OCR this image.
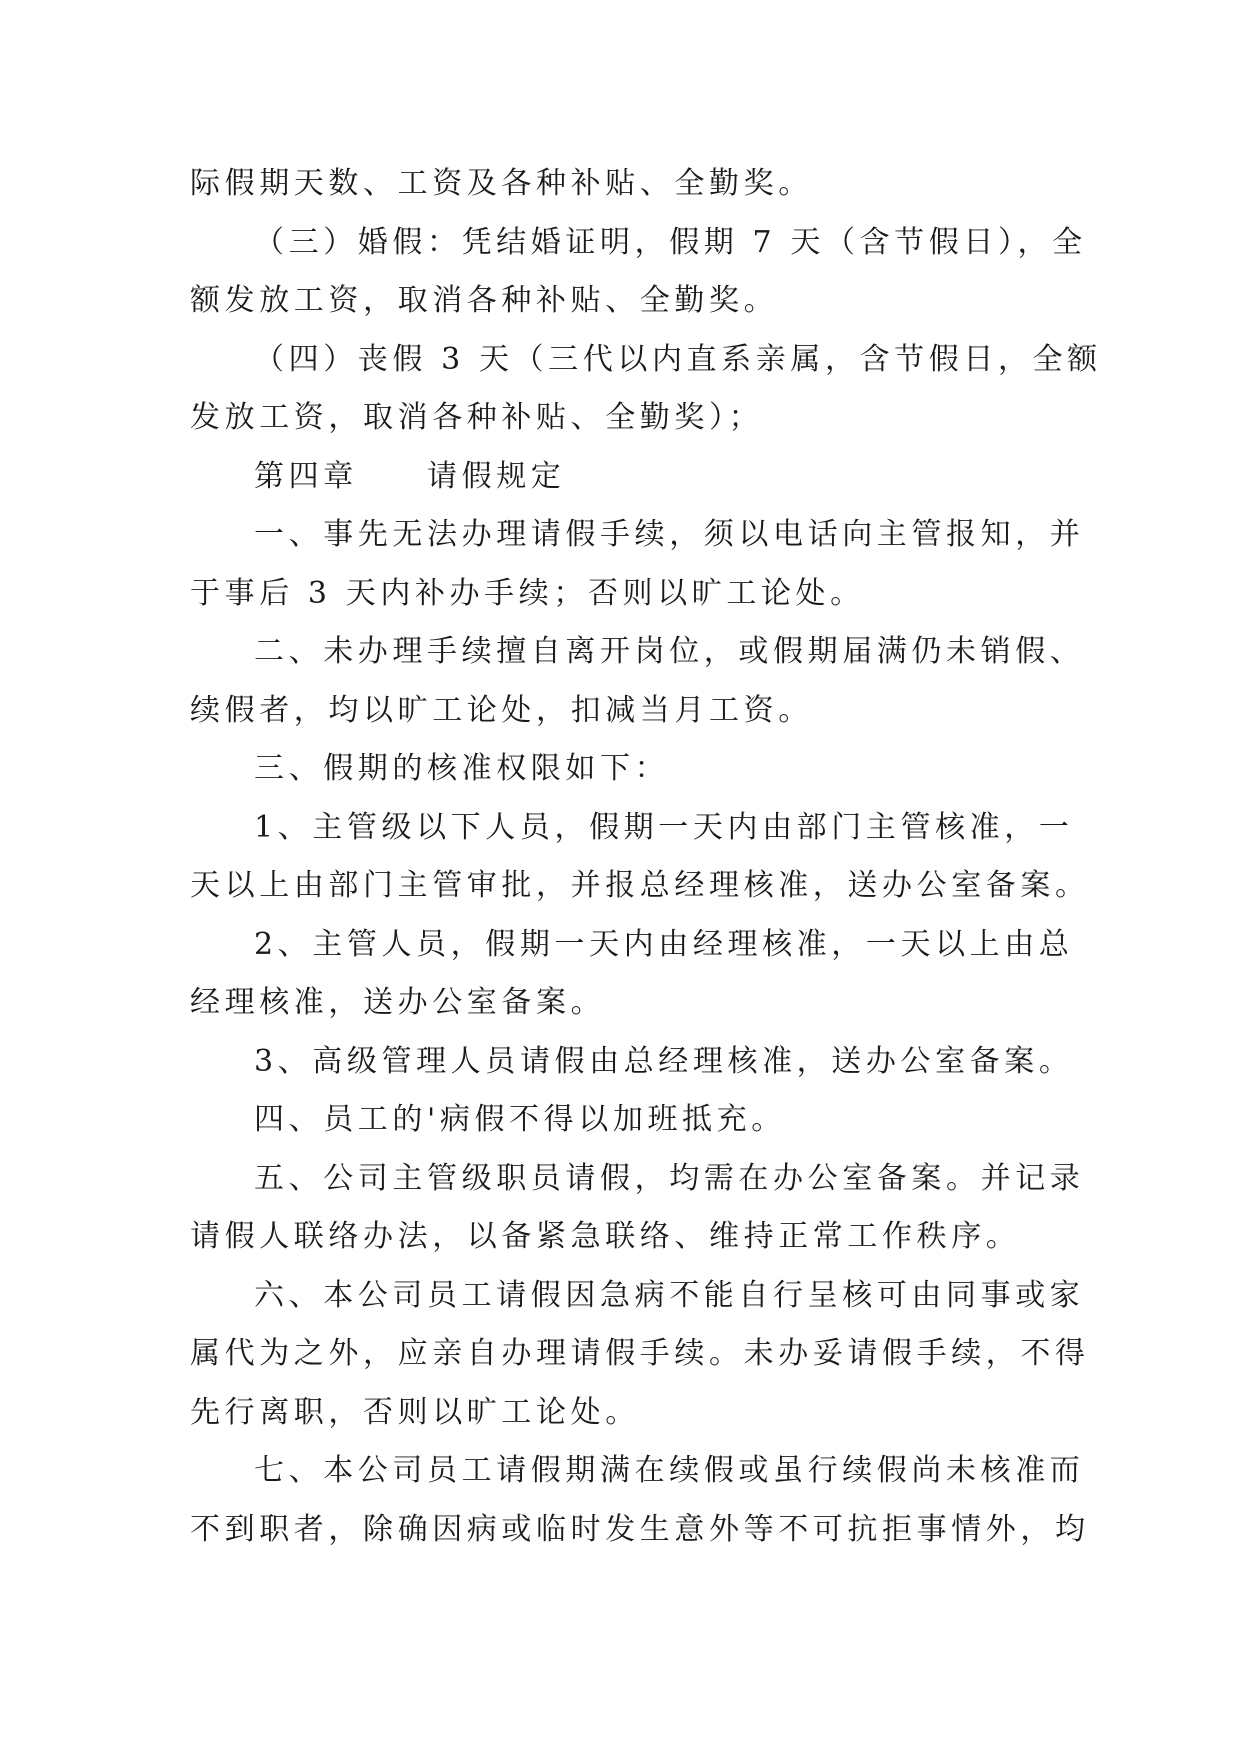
际假期天数、工资及各种补贴、全勤奖。
（三）婚假：凭结婚证明，假期 7 天（含节假日），全
额发放工资，取消各种补贴、全勤奖。
（四）丧假 3 天（三代以内直系亲属，含节假日，全额
发放工资，取消各种补贴、全勤奖）；
第四章　　请假规定
一、事先无法办理请假手续，须以电话向主管报知，并
于事后 3 天内补办手续；否则以旷工论处。
二、未办理手续擅自离开岗位，或假期届满仍未销假、
续假者，均以旷工论处，扣减当月工资。
三、假期的核准权限如下：
1、主管级以下人员，假期一天内由部门主管核准，一
天以上由部门主管审批，并报总经理核准，送办公室备案。
2、主管人员，假期一天内由经理核准，一天以上由总
经理核准，送办公室备案。
3、高级管理人员请假由总经理核准，送办公室备案。
四、员工的'病假不得以加班抵充。
五、公司主管级职员请假，均需在办公室备案。并记录
请假人联络办法，以备紧急联络、维持正常工作秩序。
六、本公司员工请假因急病不能自行呈核可由同事或家
属代为之外，应亲自办理请假手续。未办妥请假手续，不得
先行离职，否则以旷工论处。
七、本公司员工请假期满在续假或虽行续假尚未核准而
不到职者，除确因病或临时发生意外等不可抗拒事情外，均
